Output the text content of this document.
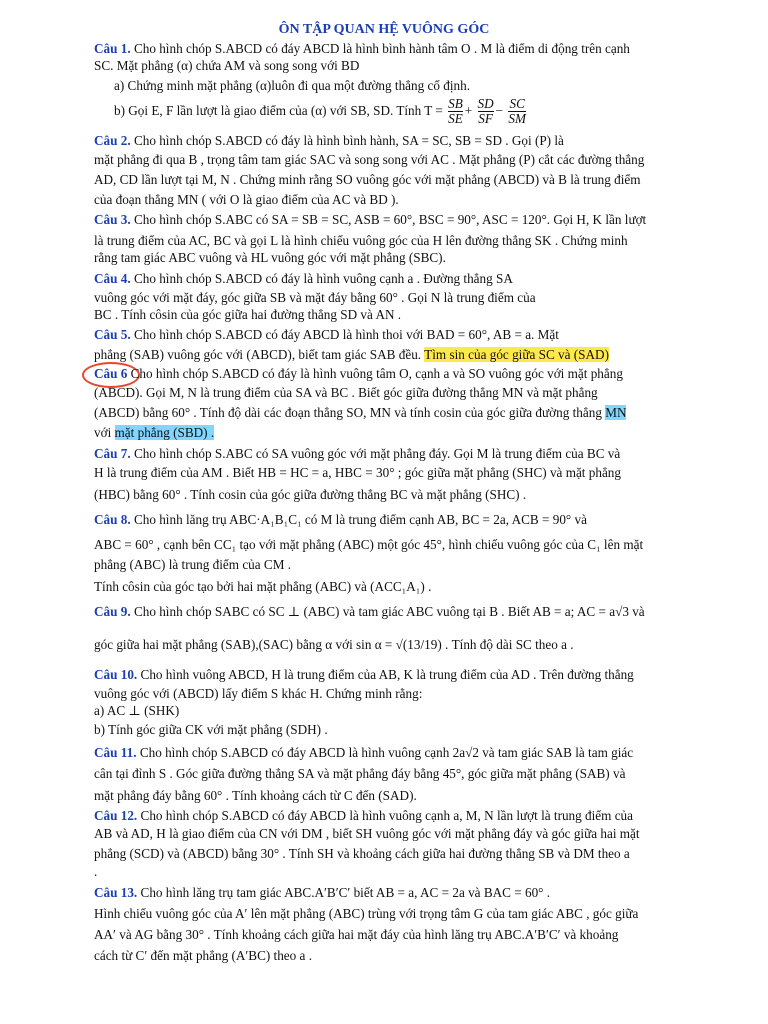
ÔN TẬP QUAN HỆ VUÔNG GÓC
Câu 1. Cho hình chóp S.ABCD có đáy ABCD là hình bình hành tâm O . M là điểm di động trên cạnh
SC. Mặt phẳng (α) chứa AM và song song với BD
a) Chứng minh mặt phẳng (α)luôn đi qua một đường thẳng cố định.
b) Gọi E, F lần lượt là giao điểm của (α) với SB, SD. Tính $T = \frac{SB}{SE} + \frac{SD}{SF} - \frac{SC}{SM}$
Câu 2. Cho hình chóp S.ABCD có đáy là hình bình hành, SA = SC, SB = SD . Gọi (P) là
mặt phẳng đi qua B , trọng tâm tam giác SAC và song song với AC . Mặt phẳng (P) cắt các đường thẳng
AD, CD lần lượt tại M, N . Chứng minh rằng SO vuông góc với mặt phẳng (ABCD) và B là trung điểm
của đoạn thẳng MN ( với O là giao điểm của AC và BD ).
Câu 3. Cho hình chóp S.ABC có SA = SB = SC, ASB = 60°, BSC = 90°, ASC = 120°. Gọi H, K lần lượt
là trung điểm của AC, BC và gọi L là hình chiếu vuông góc của H lên đường thẳng SK . Chứng minh
rằng tam giác ABC vuông và HL vuông góc với mặt phẳng (SBC).
Câu 4. Cho hình chóp S.ABCD có đáy là hình vuông cạnh a . Đường thẳng SA
vuông góc với mặt đáy, góc giữa SB và mặt đáy bằng 60° . Gọi N là trung điểm của
BC . Tính côsin của góc giữa hai đường thẳng SD và AN .
Câu 5. Cho hình chóp S.ABCD có đáy ABCD là hình thoi với BAD = 60°, AB = a. Mặt
phẳng (SAB) vuông góc với (ABCD), biết tam giác SAB đều. Tìm sin của góc giữa SC và (SAD)
Câu 6 Cho hình chóp S.ABCD có đáy là hình vuông tâm O, cạnh a và SO vuông góc với mặt phẳng
(ABCD). Gọi M, N là trung điểm của SA và BC . Biết góc giữa đường thẳng MN và mặt phẳng
(ABCD) bằng 60° . Tính độ dài các đoạn thẳng SO, MN và tính cosin của góc giữa đường thẳng MN
với mặt phẳng (SBD) .
Câu 7. Cho hình chóp S.ABC có SA vuông góc với mặt phẳng đáy. Gọi M là trung điểm của BC và
H là trung điểm của AM . Biết HB = HC = a, HBC = 30° ; góc giữa mặt phẳng (SHC) và mặt phẳng
(HBC) bằng 60° . Tính cosin của góc giữa đường thẳng BC và mặt phẳng (SHC) .
Câu 8. Cho hình lăng trụ ABC·A₁B₁C₁ có M là trung điểm cạnh AB, BC = 2a, ACB = 90° và
ABC = 60° , cạnh bên CC₁ tạo với mặt phẳng (ABC) một góc 45°, hình chiếu vuông góc của C₁ lên mặt
phẳng (ABC) là trung điểm của CM .
Tính côsin của góc tạo bởi hai mặt phẳng (ABC) và (ACC₁A₁) .
Câu 9. Cho hình chóp SABC có SC ⊥ (ABC) và tam giác ABC vuông tại B . Biết AB = a; AC = a√3 và
góc giữa hai mặt phẳng (SAB),(SAC) bằng α với sin α = √(13/19) . Tính độ dài SC theo a .
Câu 10. Cho hình vuông ABCD, H là trung điểm của AB, K là trung điểm của AD . Trên đường thẳng
vuông góc với (ABCD) lấy điểm S khác H. Chứng minh rằng:
a) AC ⊥ (SHK)
b) Tính góc giữa CK với mặt phẳng (SDH) .
Câu 11. Cho hình chóp S.ABCD có đáy ABCD là hình vuông cạnh 2a√2 và tam giác SAB là tam giác
cân tại đỉnh S . Góc giữa đường thẳng SA và mặt phẳng đáy bằng 45°, góc giữa mặt phẳng (SAB) và
mặt phẳng đáy bằng 60° . Tính khoảng cách từ C đến (SAD).
Câu 12. Cho hình chóp S.ABCD có đáy ABCD là hình vuông cạnh a, M, N lần lượt là trung điểm của
AB và AD, H là giao điểm của CN với DM , biết SH vuông góc với mặt phẳng đáy và góc giữa hai mặt
phẳng (SCD) và (ABCD) bằng 30° . Tính SH và khoảng cách giữa hai đường thẳng SB và DM theo a
.
Câu 13. Cho hình lăng trụ tam giác ABC.A′B′C′ biết AB = a, AC = 2a và BAC = 60° .
Hình chiếu vuông góc của A′ lên mặt phẳng (ABC) trùng với trọng tâm G của tam giác ABC , góc giữa
AA′ và AG bằng 30° . Tính khoảng cách giữa hai mặt đáy của hình lăng trụ ABC.A′B′C′ và khoảng
cách từ C′ đến mặt phẳng (A′BC) theo a .
